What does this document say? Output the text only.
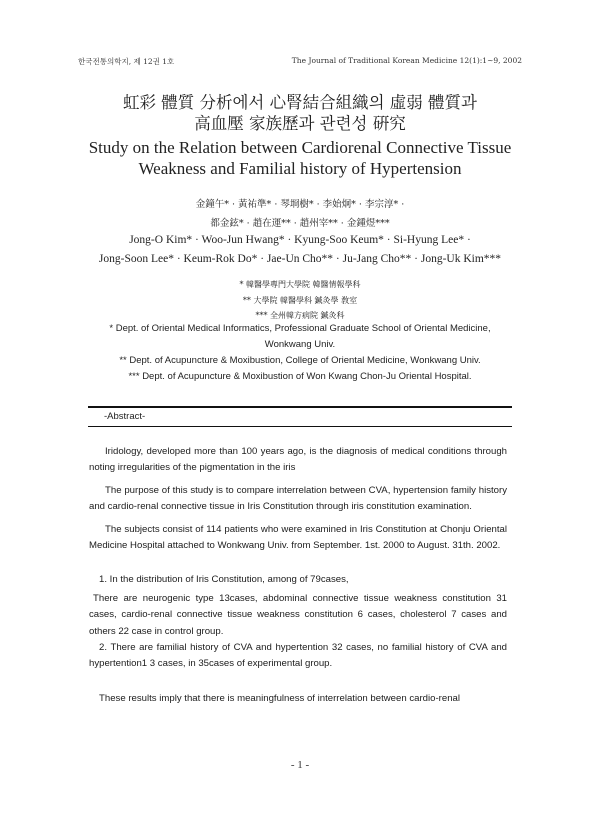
한국전통의학지, 제 12권 1호	The Journal of Traditional Korean Medicine 12(1):1~9, 2002
虹彩 體質 分析에서 心腎結合組織의 虛弱 體質과
高血壓 家族歷과 관련성 硏究
Study on the Relation between Cardiorenal Connective Tissue
Weakness and Familial history of Hypertension
金鐘午* · 黃祐準* · 琴埛樹* · 李始炯* · 李宗淳* ·
都金鉉* · 趙在運** · 趙州宰** · 金鍾煜***
Jong-O Kim* · Woo-Jun Hwang* · Kyung-Soo Keum* · Si-Hyung Lee* ·
Jong-Soon Lee* · Keum-Rok Do* · Jae-Un Cho** · Ju-Jang Cho** · Jong-Uk Kim***
* 韓醫學專門大學院 韓醫情報學科
** 大學院 韓醫學科 鍼灸學 敎室
*** 全州韓方病院 鍼灸科
* Dept. of Oriental Medical Informatics, Professional Graduate School of Oriental Medicine,
Wonkwang Univ.
** Dept. of Acupuncture & Moxibustion, College of Oriental Medicine, Wonkwang Univ.
*** Dept. of Acupuncture & Moxibustion of Won Kwang Chon-Ju Oriental Hospital.
-Abstract-

Iridology, developed more than 100 years ago, is the diagnosis of medical conditions through noting irregularities of the pigmentation in the iris

The purpose of this study is to compare interrelation between CVA, hypertension family history and cardio-renal connective tissue in Iris Constitution through iris constitution examination.

The subjects consist of 114 patients who were examined in Iris Constitution at Chonju Oriental Medicine Hospital attached to Wonkwang Univ. from September. 1st. 2000 to August. 31th. 2002.

1. In the distribution of Iris Constitution, among of 79cases,

There are neurogenic type 13cases, abdominal connective tissue weakness constitution 31 cases, cardio-renal connective tissue weakness constitution 6 cases, cholesterol 7 cases and others 22 case in control group.

2. There are familial history of CVA and hypertention 32 cases, no familial history of CVA and hypertention1 3 cases, in 35cases of experimental group.

These results imply that there is meaningfulness of interrelation between cardio-renal

- 1 -
